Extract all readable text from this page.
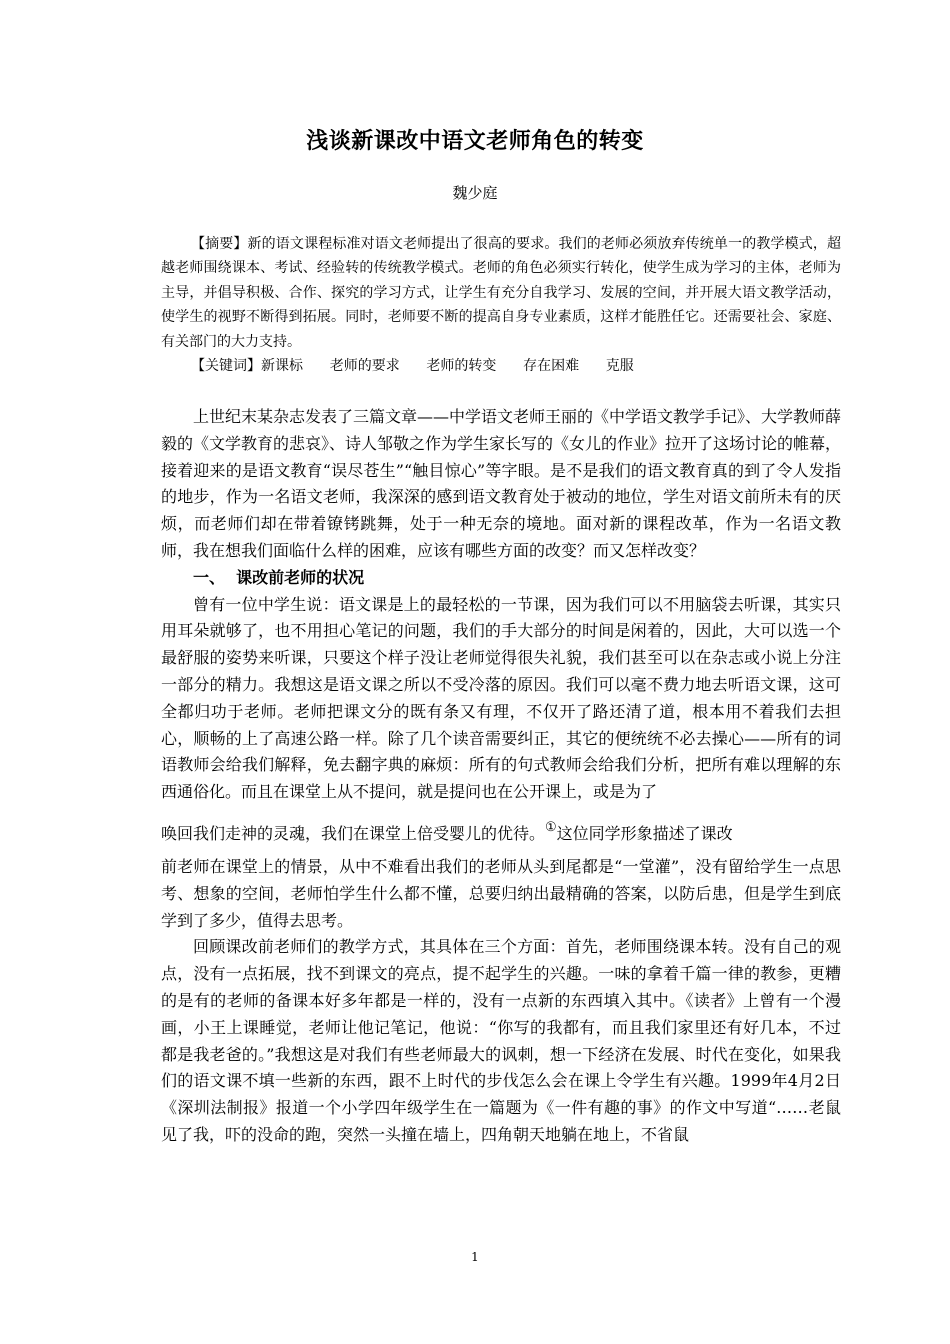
浅谈新课改中语文老师角色的转变
魏少庭

【摘要】新的语文课程标准对语文老师提出了很高的要求。我们的老师必须放弃传统单一的教学模式，超越老师围绕课本、考试、经验转的传统教学模式。老师的角色必须实行转化，使学生成为学习的主体，老师为主导，并倡导积极、合作、探究的学习方式，让学生有充分自我学习、发展的空间，并开展大语文教学活动，使学生的视野不断得到拓展。同时，老师要不断的提高自身专业素质，这样才能胜任它。还需要社会、家庭、有关部门的大力支持。

【关键词】新课标      老师的要求      老师的转变      存在困难      克服

上世纪末某杂志发表了三篇文章——中学语文老师王丽的《中学语文教学手记》、大学教师薛毅的《文学教育的悲哀》、诗人邹敬之作为学生家长写的《女儿的作业》拉开了这场讨论的帷幕，接着迎来的是语文教育“误尽苍生”“触目惊心”等字眼。是不是我们的语文教育真的到了令人发指的地步，作为一名语文老师，我深深的感到语文教育处于被动的地位，学生对语文前所未有的厌烦，而老师们却在带着镣铐跳舞，处于一种无奈的境地。面对新的课程改革，作为一名语文教师，我在想我们面临什么样的困难，应该有哪些方面的改变？而又怎样改变？

一、  课改前老师的状况

曾有一位中学生说：语文课是上的最轻松的一节课，因为我们可以不用脑袋去听课，其实只用耳朵就够了，也不用担心笔记的问题，我们的手大部分的时间是闲着的，因此，大可以选一个最舒服的姿势来听课，只要这个样子没让老师觉得很失礼貌，我们甚至可以在杂志或小说上分注一部分的精力。我想这是语文课之所以不受冷落的原因。我们可以毫不费力地去听语文课，这可全都归功于老师。老师把课文分的既有条又有理，不仅开了路还清了道，根本用不着我们去担心，顺畅的上了高速公路一样。除了几个读音需要纠正，其它的便统统不必去操心——所有的词语教师会给我们解释，免去翻字典的麻烦：所有的句式教师会给我们分析，把所有难以理解的东西通俗化。而且在课堂上从不提问，就是提问也在公开课上，或是为了

唤回我们走神的灵魂，我们在课堂上倍受婴儿的优待。①这位同学形象描述了课改

前老师在课堂上的情景，从中不难看出我们的老师从头到尾都是“一堂灌”，没有留给学生一点思考、想象的空间，老师怕学生什么都不懂，总要归纳出最精确的答案，以防后患，但是学生到底学到了多少，值得去思考。

回顾课改前老师们的教学方式，其具体在三个方面：首先，老师围绕课本转。没有自己的观点，没有一点拓展，找不到课文的亮点，提不起学生的兴趣。一味的拿着千篇一律的教参，更糟的是有的老师的备课本好多年都是一样的，没有一点新的东西填入其中。《读者》上曾有一个漫画，小王上课睡觉，老师让他记笔记，他说：“你写的我都有，而且我们家里还有好几本，不过都是我老爸的。”我想这是对我们有些老师最大的讽刺，想一下经济在发展、时代在变化，如果我们的语文课不填一些新的东西，跟不上时代的步伐怎么会在课上令学生有兴趣。1999年4月2日《深圳法制报》报道一个小学四年级学生在一篇题为《一件有趣的事》的作文中写道“……老鼠见了我，吓的没命的跑，突然一头撞在墙上，四角朝天地躺在地上，不省鼠

1
